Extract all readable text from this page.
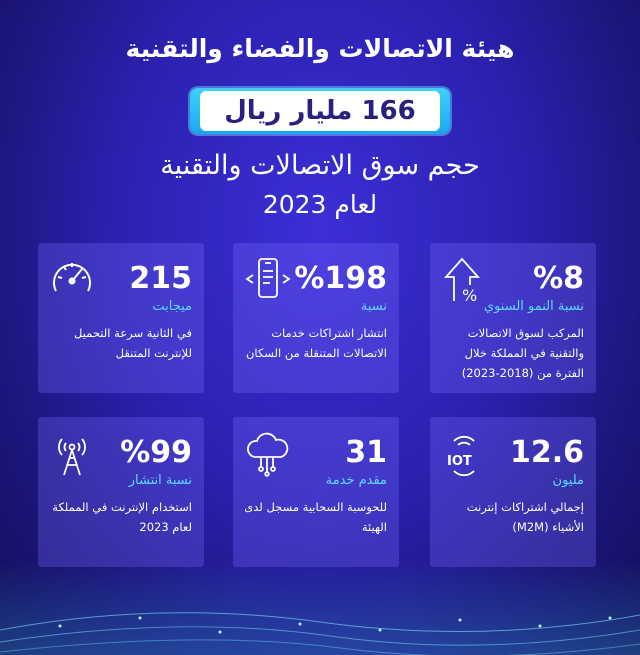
هيئة الاتصالات والفضاء والتقنية
166 مليار ريال
حجم سوق الاتصالات والتقنية
لعام 2023
% %8
نسبة النمو السنوي
المركب لسوق الاتصالات والتقنية في المملكة خلال الفترة من (2018-2023)
%198
نسبة
انتشار اشتراكات خدمات الاتصالات المتنقلة من السكان
215
ميجابت
في الثانية سرعة التحميل للإنترنت المتنقل
IOT 12.6
مليون
إجمالي اشتراكات إنترنت الأشياء (M2M)
31
مقدم خدمة
للحوسبة السحابية مسجل لدى الهيئة
%99
نسبة انتشار
استخدام الإنترنت في المملكة لعام 2023
